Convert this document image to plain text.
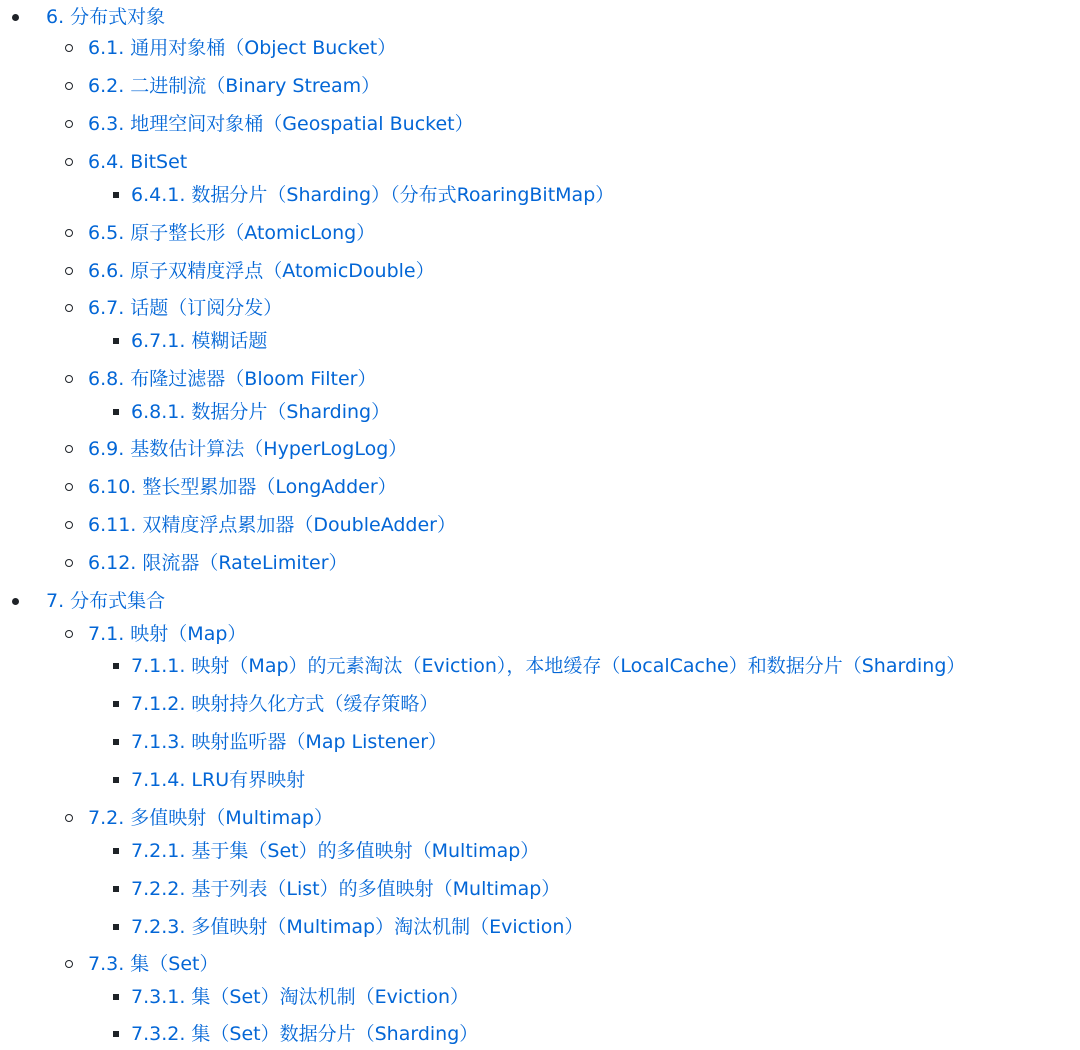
6. 分布式对象
6.1. 通用对象桶（Object Bucket）
6.2. 二进制流（Binary Stream）
6.3. 地理空间对象桶（Geospatial Bucket）
6.4. BitSet
6.4.1. 数据分片（Sharding）（分布式RoaringBitMap）
6.5. 原子整长形（AtomicLong）
6.6. 原子双精度浮点（AtomicDouble）
6.7. 话题（订阅分发）
6.7.1. 模糊话题
6.8. 布隆过滤器（Bloom Filter）
6.8.1. 数据分片（Sharding）
6.9. 基数估计算法（HyperLogLog）
6.10. 整长型累加器（LongAdder）
6.11. 双精度浮点累加器（DoubleAdder）
6.12. 限流器（RateLimiter）
7. 分布式集合
7.1. 映射（Map）
7.1.1. 映射（Map）的元素淘汰（Eviction），本地缓存（LocalCache）和数据分片（Sharding）
7.1.2. 映射持久化方式（缓存策略）
7.1.3. 映射监听器（Map Listener）
7.1.4. LRU有界映射
7.2. 多值映射（Multimap）
7.2.1. 基于集（Set）的多值映射（Multimap）
7.2.2. 基于列表（List）的多值映射（Multimap）
7.2.3. 多值映射（Multimap）淘汰机制（Eviction）
7.3. 集（Set）
7.3.1. 集（Set）淘汰机制（Eviction）
7.3.2. 集（Set）数据分片（Sharding）
